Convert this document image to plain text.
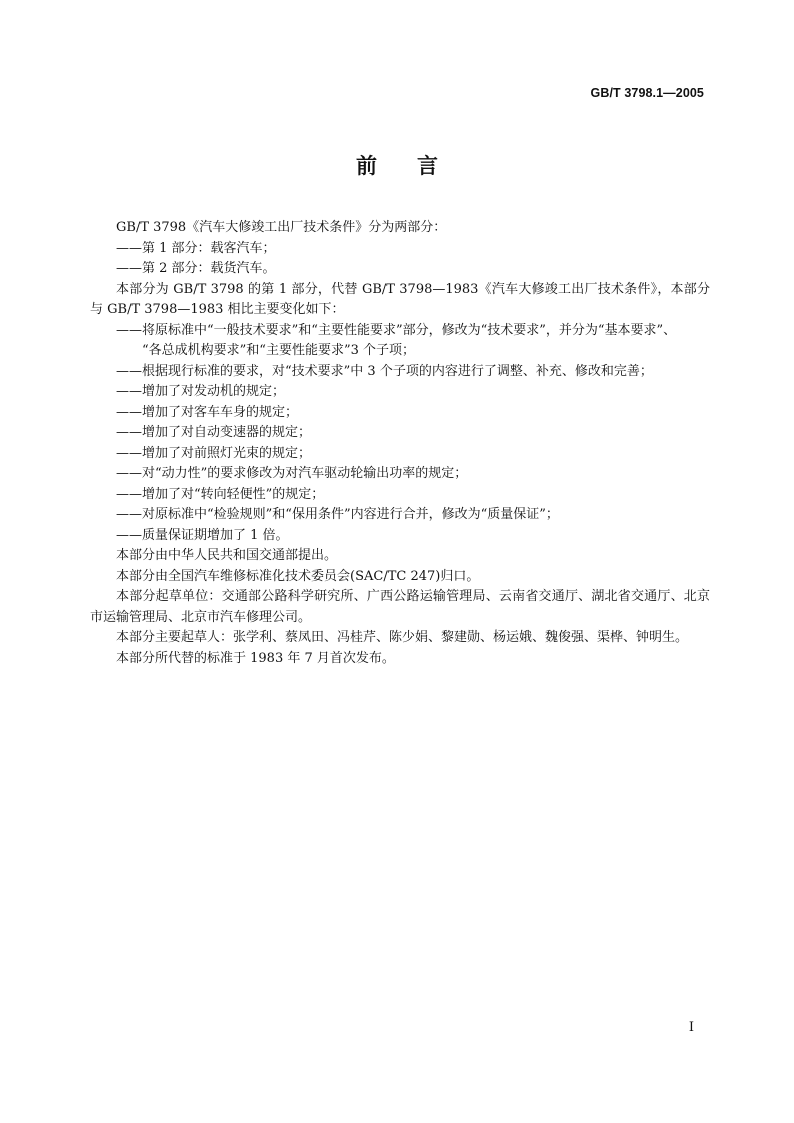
GB/T 3798.1—2005
前言

GB/T 3798《汽车大修竣工出厂技术条件》分为两部分：

——第 1 部分：载客汽车；

——第 2 部分：载货汽车。

本部分为 GB/T 3798 的第 1 部分，代替 GB/T 3798—1983《汽车大修竣工出厂技术条件》，本部分与 GB/T 3798—1983 相比主要变化如下：

——将原标准中“一般技术要求”和“主要性能要求”部分，修改为“技术要求”，并分为“基本要求”、

“各总成机构要求”和“主要性能要求”3 个子项；

——根据现行标准的要求，对“技术要求”中 3 个子项的内容进行了调整、补充、修改和完善；

——增加了对发动机的规定；

——增加了对客车车身的规定；

——增加了对自动变速器的规定；

——增加了对前照灯光束的规定；

——对“动力性”的要求修改为对汽车驱动轮输出功率的规定；

——增加了对“转向轻便性”的规定；

——对原标准中“检验规则”和“保用条件”内容进行合并，修改为“质量保证”；

——质量保证期增加了 1 倍。

本部分由中华人民共和国交通部提出。

本部分由全国汽车维修标准化技术委员会(SAC/TC 247)归口。

本部分起草单位：交通部公路科学研究所、广西公路运输管理局、云南省交通厅、湖北省交通厅、北京市运输管理局、北京市汽车修理公司。

本部分主要起草人：张学利、蔡凤田、冯桂芹、陈少娟、黎建勋、杨运娥、魏俊强、渠桦、钟明生。

本部分所代替的标准于 1983 年 7 月首次发布。

I
